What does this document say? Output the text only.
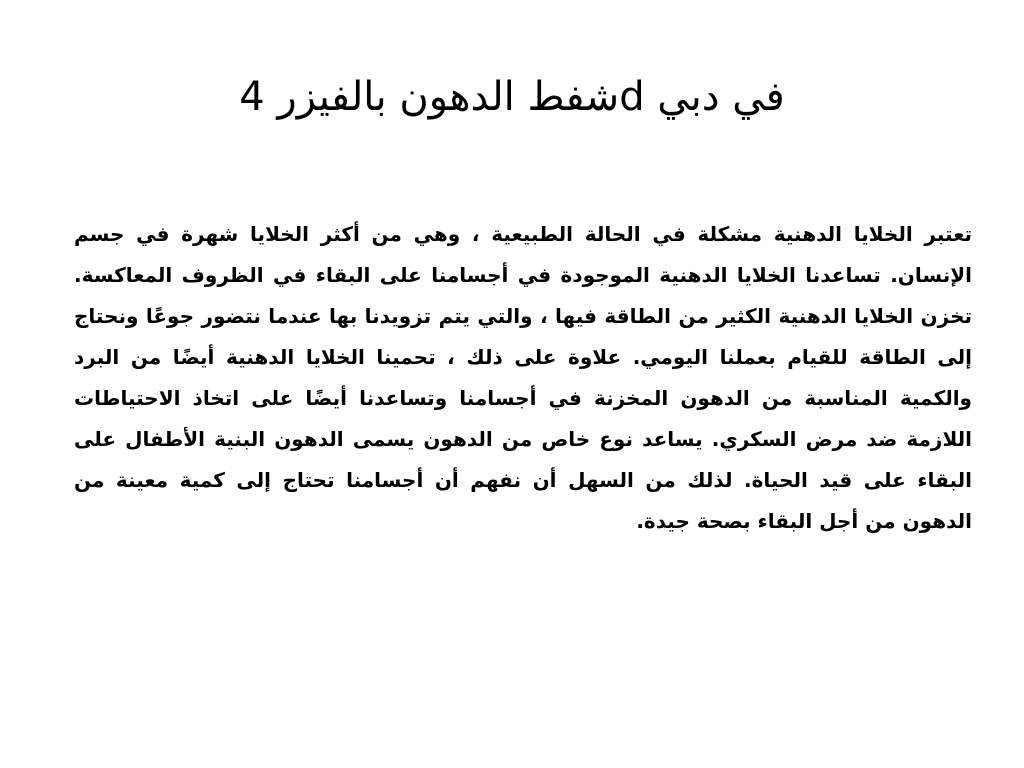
في دبي dشفط الدهون بالفيزر 4

تعتبر الخلايا الدهنية مشكلة في الحالة الطبيعية ، وهي من أكثر الخلايا شهرة في جسم الإنسان. تساعدنا الخلايا الدهنية الموجودة في أجسامنا على البقاء في الظروف المعاكسة. تخزن الخلايا الدهنية الكثير من الطاقة فيها ، والتي يتم تزويدنا بها عندما نتضور جوعًا ونحتاج إلى الطاقة للقيام بعملنا اليومي. علاوة على ذلك ، تحمينا الخلايا الدهنية أيضًا من البرد والكمية المناسبة من الدهون المخزنة في أجسامنا وتساعدنا أيضًا على اتخاذ الاحتياطات اللازمة ضد مرض السكري. يساعد نوع خاص من الدهون يسمى الدهون البنية الأطفال على البقاء على قيد الحياة. لذلك من السهل أن نفهم أن أجسامنا تحتاج إلى كمية معينة من الدهون من أجل البقاء بصحة جيدة.
